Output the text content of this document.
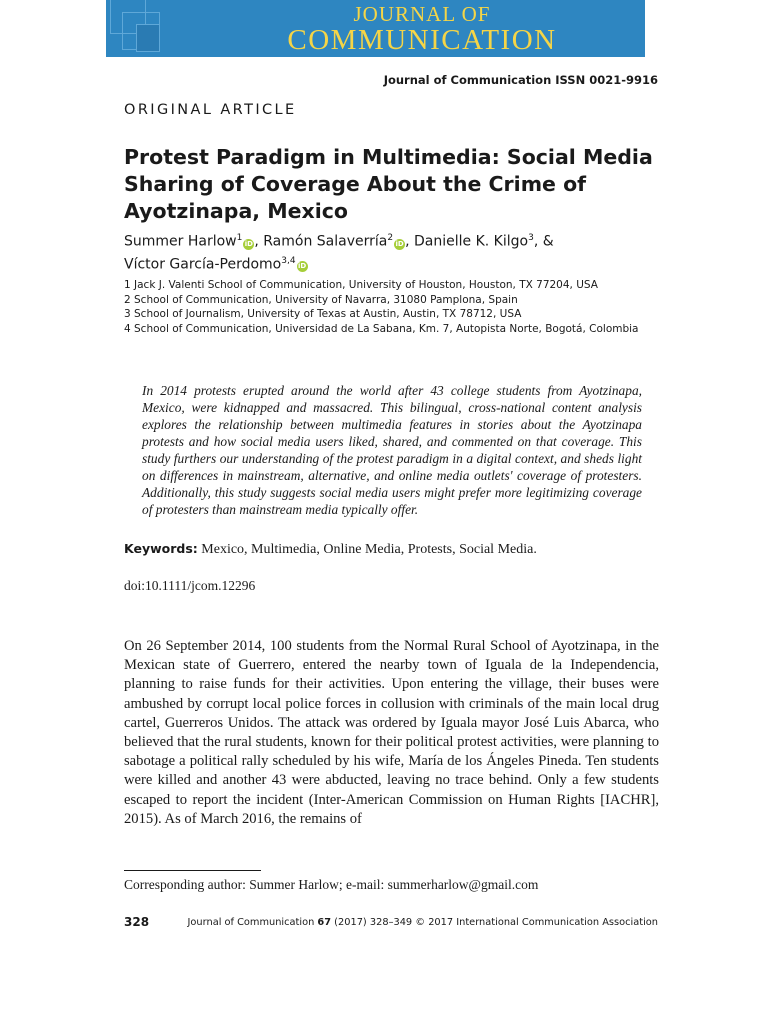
JOURNAL OF
COMMUNICATION
Journal of Communication ISSN 0021-9916
ORIGINAL ARTICLE
Protest Paradigm in Multimedia: Social Media Sharing of Coverage About the Crime of Ayotzinapa, Mexico
Summer Harlow$^1$iD, Ramón Salaverría$^2$iD, Danielle K. Kilgo$^3$, &
Víctor García-Perdomo$^{3,4}$iD
1 Jack J. Valenti School of Communication, University of Houston, Houston, TX 77204, USA
2 School of Communication, University of Navarra, 31080 Pamplona, Spain
3 School of Journalism, University of Texas at Austin, Austin, TX 78712, USA
4 School of Communication, Universidad de La Sabana, Km. 7, Autopista Norte, Bogotá, Colombia
In 2014 protests erupted around the world after 43 college students from Ayotzinapa, Mexico, were kidnapped and massacred. This bilingual, cross-national content analysis explores the relationship between multimedia features in stories about the Ayotzinapa protests and how social media users liked, shared, and commented on that coverage. This study furthers our understanding of the protest paradigm in a digital context, and sheds light on differences in mainstream, alternative, and online media outlets' coverage of protesters. Additionally, this study suggests social media users might prefer more legitimizing coverage of protesters than mainstream media typically offer.
Keywords: Mexico, Multimedia, Online Media, Protests, Social Media.
doi:10.1111/jcom.12296
On 26 September 2014, 100 students from the Normal Rural School of Ayotzinapa, in the Mexican state of Guerrero, entered the nearby town of Iguala de la Independencia, planning to raise funds for their activities. Upon entering the village, their buses were ambushed by corrupt local police forces in collusion with criminals of the main local drug cartel, Guerreros Unidos. The attack was ordered by Iguala mayor José Luis Abarca, who believed that the rural students, known for their political protest activities, were planning to sabotage a political rally scheduled by his wife, María de los Ángeles Pineda. Ten students were killed and another 43 were abducted, leaving no trace behind. Only a few students escaped to report the incident (Inter-American Commission on Human Rights [IACHR], 2015). As of March 2016, the remains of
Corresponding author: Summer Harlow; e-mail: summerharlow@gmail.com
328	Journal of Communication 67 (2017) 328–349 © 2017 International Communication Association
